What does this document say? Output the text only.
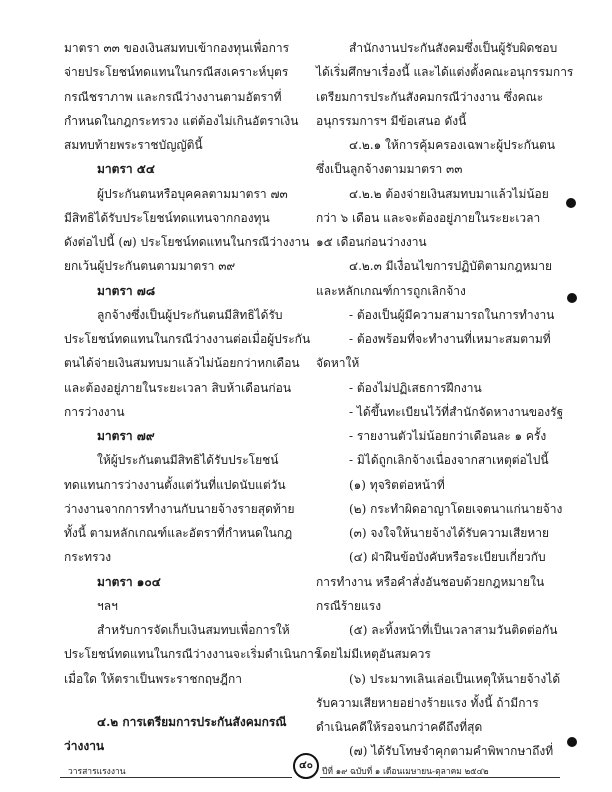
มาตรา ๓๓ ของเงินสมทบเข้ากองทุนเพื่อการ
จ่ายประโยชน์ทดแทนในกรณีสงเคราะห์บุตร
กรณีชราภาพ และกรณีว่างงานตามอัตราที่
กำหนดในกฎกระทรวง แต่ต้องไม่เกินอัตราเงิน
สมทบท้ายพระราชบัญญัตินี้
มาตรา ๕๔
ผู้ประกันตนหรือบุคคลตามมาตรา ๗๓
มีสิทธิได้รับประโยชน์ทดแทนจากกองทุน
ดังต่อไปนี้ (๗) ประโยชน์ทดแทนในกรณีว่างงาน
ยกเว้นผู้ประกันตนตามมาตรา ๓๙
มาตรา ๗๘
ลูกจ้างซึ่งเป็นผู้ประกันตนมีสิทธิได้รับ
ประโยชน์ทดแทนในกรณีว่างงานต่อเมื่อผู้ประกัน
ตนได้จ่ายเงินสมทบมาแล้วไม่น้อยกว่าหกเดือน
และต้องอยู่ภายในระยะเวลา สิบห้าเดือนก่อน
การว่างงาน
มาตรา ๗๙
ให้ผู้ประกันตนมีสิทธิได้รับประโยชน์
ทดแทนการว่างงานตั้งแต่วันที่แปดนับแต่วัน
ว่างงานจากการทำงานกับนายจ้างรายสุดท้าย
ทั้งนี้ ตามหลักเกณฑ์และอัตราที่กำหนดในกฎ
กระทรวง
มาตรา ๑๐๔
ฯลฯ
สำหรับการจัดเก็บเงินสมทบเพื่อการให้
ประโยชน์ทดแทนในกรณีว่างงานจะเริ่มดำเนินการ
เมื่อใด ให้ตราเป็นพระราชกฤษฎีกา
๔.๒ การเตรียมการประกันสังคมกรณี
ว่างงาน
สำนักงานประกันสังคมซึ่งเป็นผู้รับผิดชอบ
ได้เริ่มศึกษาเรื่องนี้ และได้แต่งตั้งคณะอนุกรรมการ
เตรียมการประกันสังคมกรณีว่างงาน ซึ่งคณะ
อนุกรรมการฯ มีข้อเสนอ ดังนี้
๔.๒.๑ ให้การคุ้มครองเฉพาะผู้ประกันตน
ซึ่งเป็นลูกจ้างตามมาตรา ๓๓
๔.๒.๒ ต้องจ่ายเงินสมทบมาแล้วไม่น้อย
กว่า ๖ เดือน และจะต้องอยู่ภายในระยะเวลา
๑๕ เดือนก่อนว่างงาน
๔.๒.๓ มีเงื่อนไขการปฏิบัติตามกฎหมาย
และหลักเกณฑ์การถูกเลิกจ้าง
- ต้องเป็นผู้มีความสามารถในการทำงาน
- ต้องพร้อมที่จะทำงานที่เหมาะสมตามที่
จัดหาให้
- ต้องไม่ปฏิเสธการฝึกงาน
- ได้ขึ้นทะเบียนไว้ที่สำนักจัดหางานของรัฐ
- รายงานตัวไม่น้อยกว่าเดือนละ ๑ ครั้ง
- มิได้ถูกเลิกจ้างเนื่องจากสาเหตุต่อไปนี้
(๑) ทุจริตต่อหน้าที่
(๒) กระทำผิดอาญาโดยเจตนาแก่นายจ้าง
(๓) จงใจให้นายจ้างได้รับความเสียหาย
(๔) ฝ่าฝืนข้อบังคับหรือระเบียบเกี่ยวกับ
การทำงาน หรือคำสั่งอันชอบด้วยกฎหมายใน
กรณีร้ายแรง
(๕) ละทิ้งหน้าที่เป็นเวลาสามวันติดต่อกัน
โดยไม่มีเหตุอันสมควร
(๖) ประมาทเลินเล่อเป็นเหตุให้นายจ้างได้
รับความเสียหายอย่างร้ายแรง ทั้งนี้ ถ้ามีการ
ดำเนินคดีให้รอจนกว่าคดีถึงที่สุด
(๗) ได้รับโทษจำคุกตามคำพิพากษาถึงที่
วารสารแรงงาน
๔๐
ปีที่ ๑๙ ฉบับที่ ๑ เดือนเมษายน-ตุลาคม ๒๕๔๒
